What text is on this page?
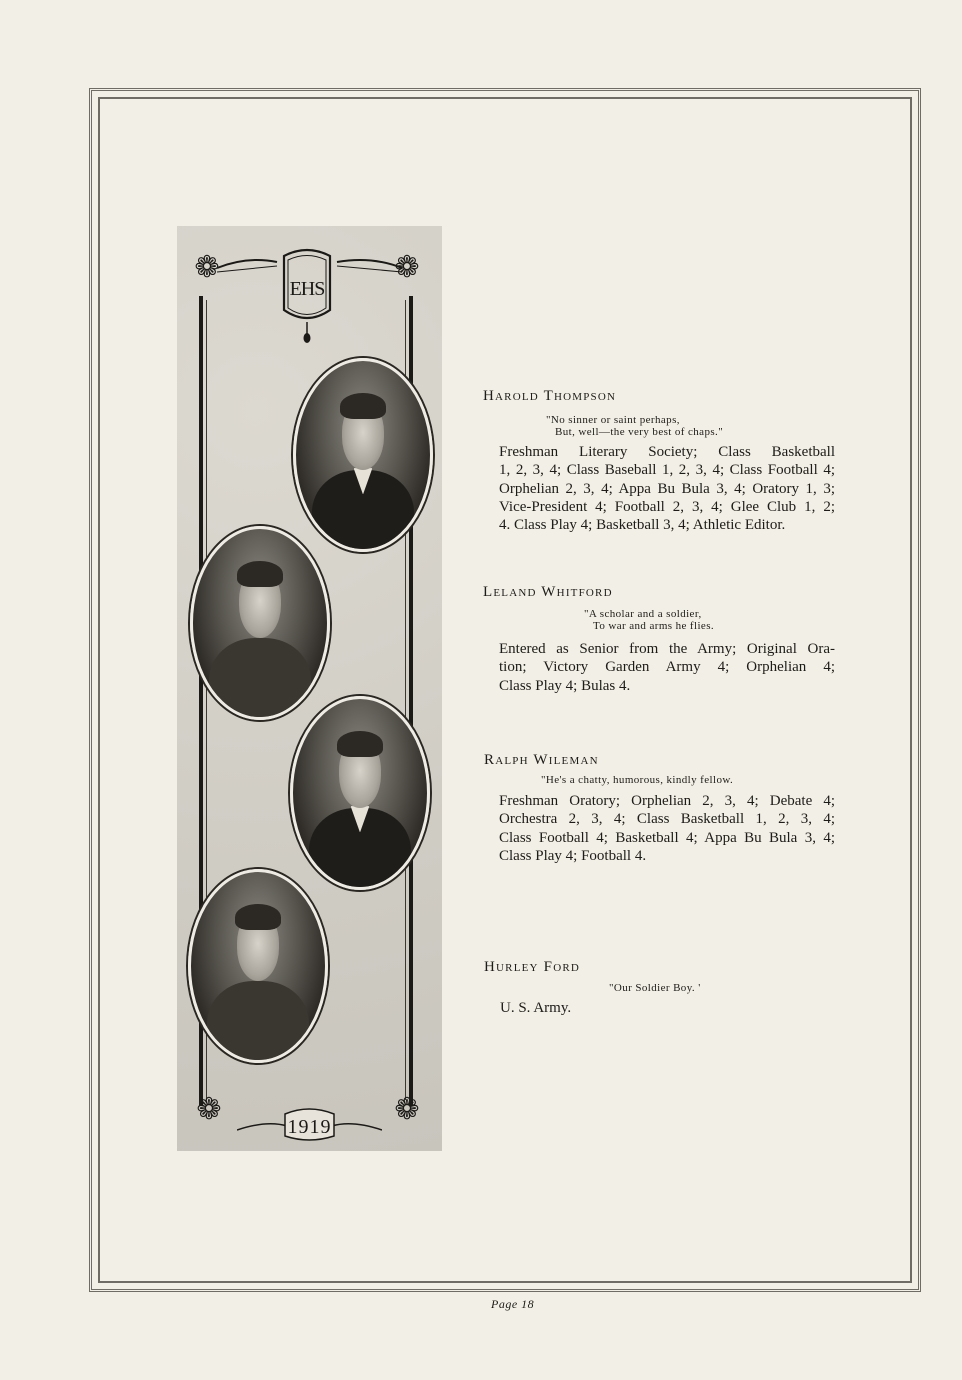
❁	❁
❁	❁
EHS
1919

Harold Thompson

"No sinner or saint perhaps,

But, well—the very best of chaps."

Freshman Literary Society; Class Basketball

1, 2, 3, 4; Class Baseball 1, 2, 3, 4; Class Football 4;

Orphelian 2, 3, 4; Appa Bu Bula 3, 4; Oratory 1, 3;

Vice-President 4; Football 2, 3, 4; Glee Club 1, 2;

4. Class Play 4; Basketball 3, 4; Athletic Editor.

Leland Whitford

"A scholar and a soldier,

To war and arms he flies.

Entered as Senior from the Army; Original Ora-

tion; Victory Garden Army 4; Orphelian 4;

Class Play 4; Bulas 4.

Ralph Wileman

"He's a chatty, humorous, kindly fellow.

Freshman Oratory; Orphelian 2, 3, 4; Debate 4;

Orchestra 2, 3, 4; Class Basketball 1, 2, 3, 4;

Class Football 4; Basketball 4; Appa Bu Bula 3, 4;

Class Play 4; Football 4.

Hurley Ford

"Our Soldier Boy. '

U. S. Army.

Page 18
